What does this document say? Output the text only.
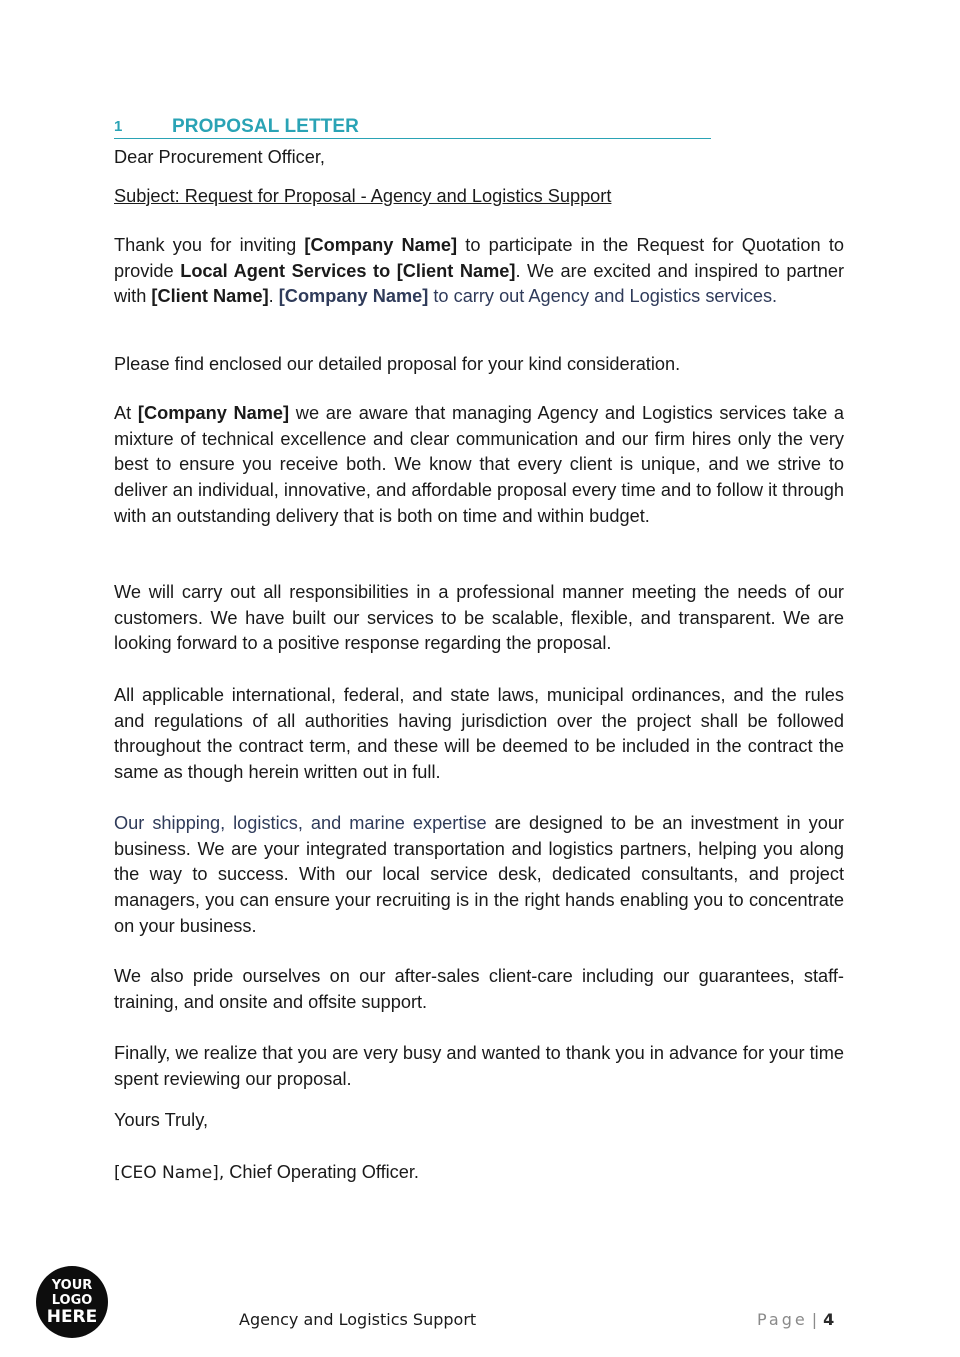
1	PROPOSAL LETTER
Dear Procurement Officer,
Subject: Request for Proposal - Agency and Logistics Support
Thank you for inviting [Company Name] to participate in the Request for Quotation to provide Local Agent Services to [Client Name]. We are excited and inspired to partner with [Client Name]. [Company Name] to carry out Agency and Logistics services.
Please find enclosed our detailed proposal for your kind consideration.
At [Company Name] we are aware that managing Agency and Logistics services take a mixture of technical excellence and clear communication and our firm hires only the very best to ensure you receive both. We know that every client is unique, and we strive to deliver an individual, innovative, and affordable proposal every time and to follow it through with an outstanding delivery that is both on time and within budget.
We will carry out all responsibilities in a professional manner meeting the needs of our customers. We have built our services to be scalable, flexible, and transparent. We are looking forward to a positive response regarding the proposal.
All applicable international, federal, and state laws, municipal ordinances, and the rules and regulations of all authorities having jurisdiction over the project shall be followed throughout the contract term, and these will be deemed to be included in the contract the same as though herein written out in full.
Our shipping, logistics, and marine expertise are designed to be an investment in your business. We are your integrated transportation and logistics partners, helping you along the way to success. With our local service desk, dedicated consultants, and project managers, you can ensure your recruiting is in the right hands enabling you to concentrate on your business.
We also pride ourselves on our after-sales client-care including our guarantees, staff-training, and onsite and offsite support.
Finally, we realize that you are very busy and wanted to thank you in advance for your time spent reviewing our proposal.
Yours Truly,
[CEO Name], Chief Operating Officer.
YOUR
LOGO
HERE	Agency and Logistics Support	Page | 4
